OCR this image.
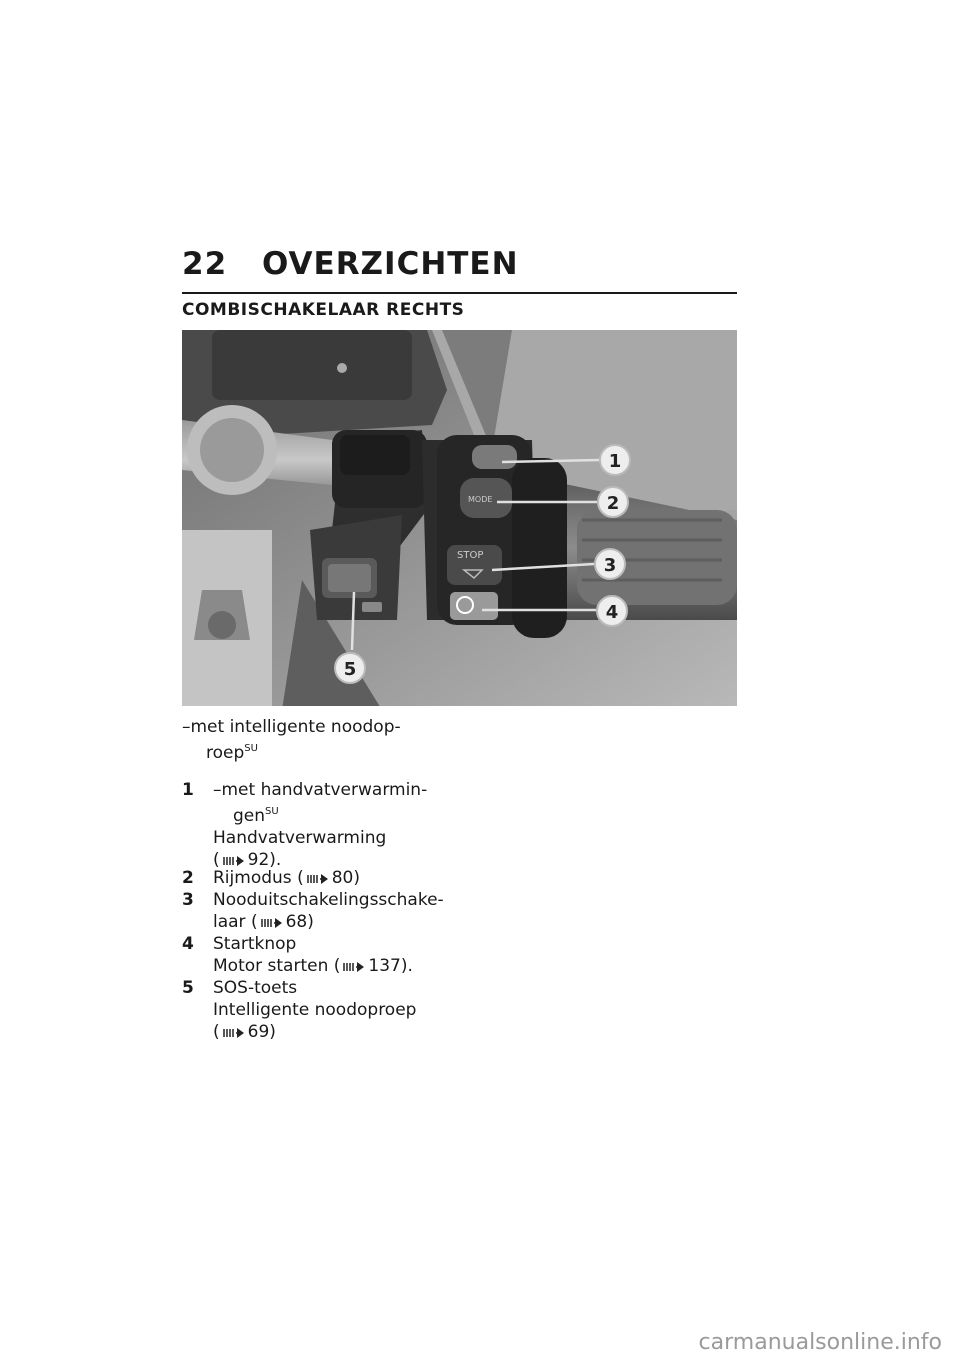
22 OVERZICHTEN
COMBISCHAKELAAR RECHTS
MODE
STOP
1
2
3
4
5
–met intelligente noodop-
roep$^{SU}$
1 –met handvatverwarmin-
gen$^{SU}$
Handvatverwarming
( 92).
2 Rijmodus ( 80)
3 Nooduitschakelingsschake-
laar ( 68)
4 Startknop
Motor starten ( 137).
5 SOS-toets
Intelligente noodoproep
( 69)
carmanualsonline.info
